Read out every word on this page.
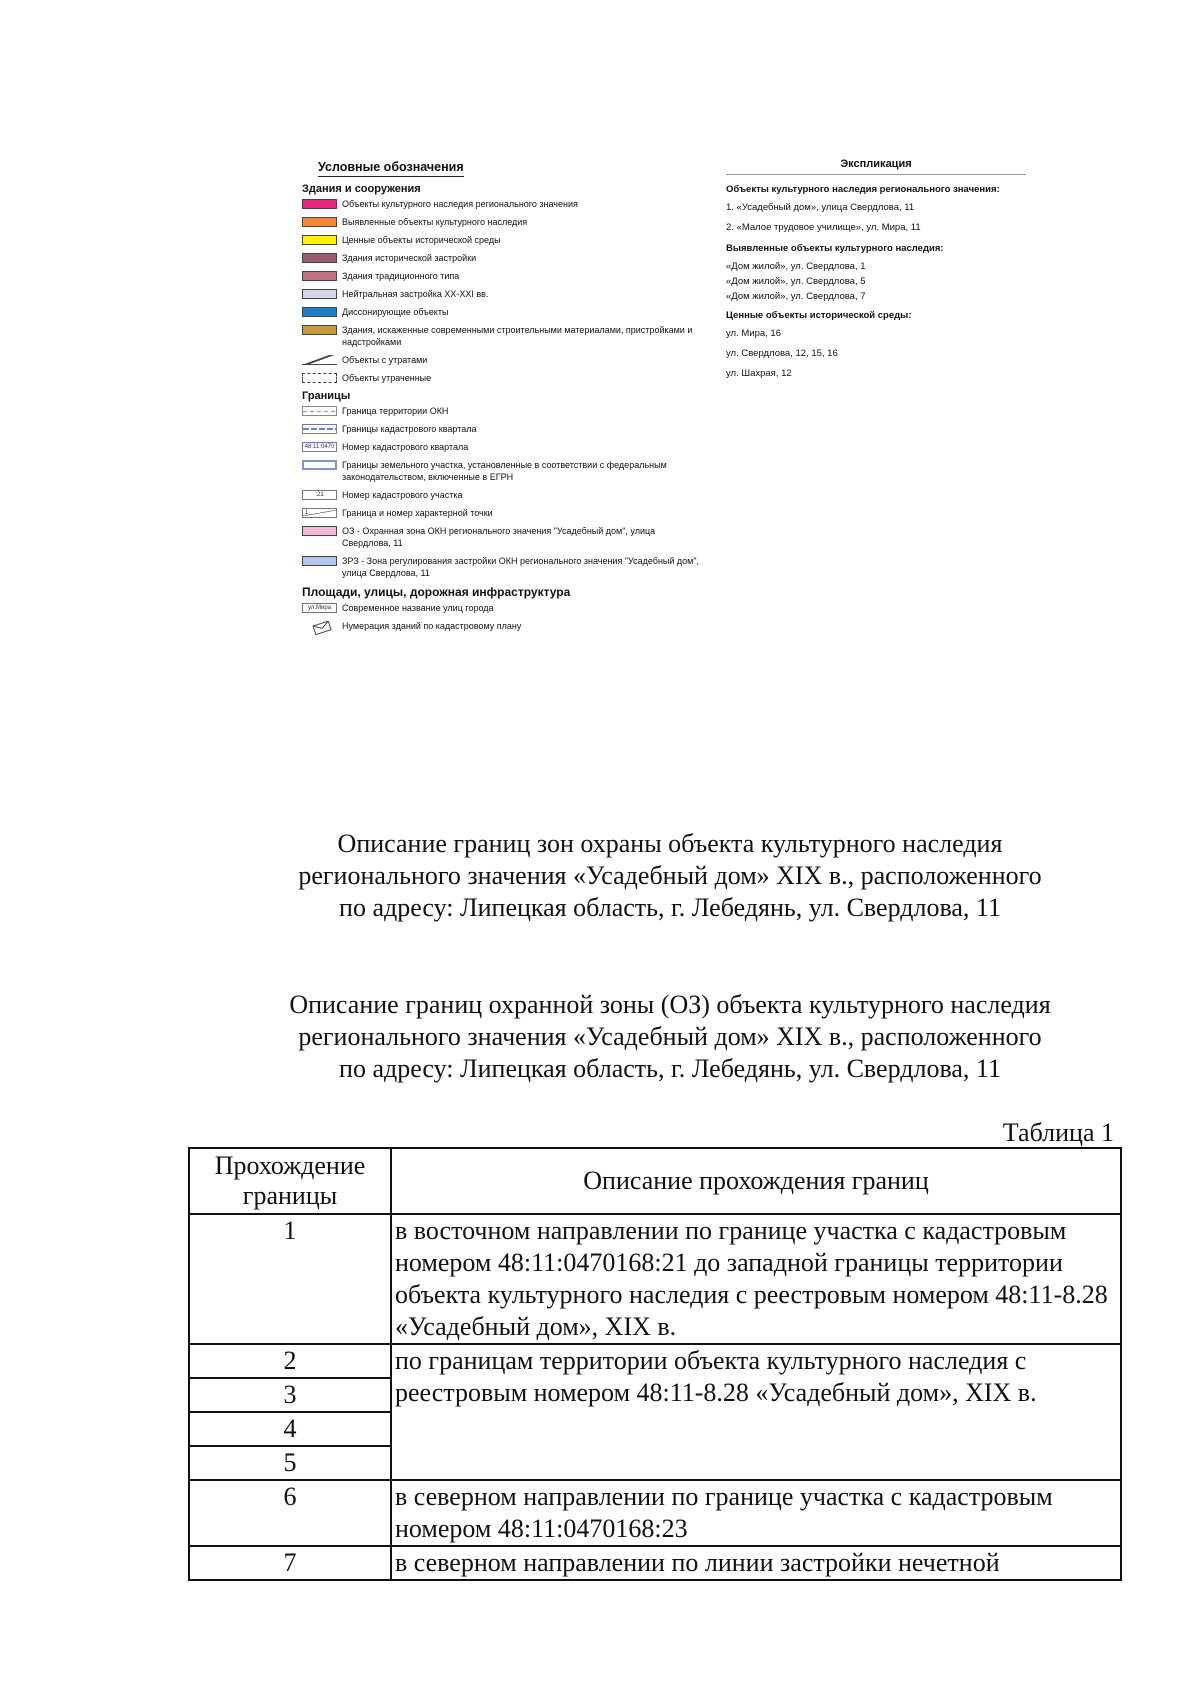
Условные обозначения
Здания и сооружения
Объекты культурного наследия регионального значения
Выявленные объекты культурного наследия
Ценные объекты исторической среды
Здания исторической застройки
Здания традиционного типа
Нейтральная застройка XX-XXI вв.
Диссонирующие объекты
Здания, искаженные современными строительными материалами, пристройками и надстройками
Объекты с утратами
Объекты утраченные
Границы
Граница территории ОКН
Границы кадастрового квартала
48:11:0470 Номер кадастрового квартала
Границы земельного участка, установленные в соответствии с федеральным законодательством, включенные в ЕГРН
:21	Номер кадастрового участка
1	Граница и номер характерной точки
ОЗ - Охранная зона ОКН регионального значения "Усадебный дом", улица Свердлова, 11
ЗРЗ - Зона регулирования застройки ОКН регионального значения "Усадебный дом", улица Свердлова, 11
Площади, улицы, дорожная инфраструктура
ул.Мира	Современное название улиц города
Нумерация зданий по кадастровому плану
Экспликация
Объекты культурного наследия регионального значения:
1. «Усадебный дом», улица Свердлова, 11
2. «Малое трудовое училище», ул. Мира, 11
Выявленные объекты культурного наследия:
«Дом жилой», ул. Свердлова, 1
«Дом жилой», ул. Свердлова, 5
«Дом жилой», ул. Свердлова, 7
Ценные объекты исторической среды:
ул. Мира, 16
ул. Свердлова, 12, 15, 16
ул. Шахрая, 12
Описание границ зон охраны объекта культурного наследия
регионального значения «Усадебный дом» XIX в., расположенного
по адресу: Липецкая область, г. Лебедянь, ул. Свердлова, 11
Описание границ охранной зоны (ОЗ) объекта культурного наследия
регионального значения «Усадебный дом» XIX в., расположенного
по адресу: Липецкая область, г. Лебедянь, ул. Свердлова, 11
Таблица 1
Прохождение границы	Описание прохождения границ
1	в восточном направлении по границе участка с кадастровым номером 48:11:0470168:21 до западной границы территории объекта культурного наследия с реестровым номером 48:11-8.28 «Усадебный дом», XIX в.
2	по границам территории объекта культурного наследия с реестровым номером 48:11-8.28 «Усадебный дом», XIX в.
3	
4	
5	
6	в северном направлении по границе участка с кадастровым номером 48:11:0470168:23
7	в северном направлении по линии застройки нечетной
